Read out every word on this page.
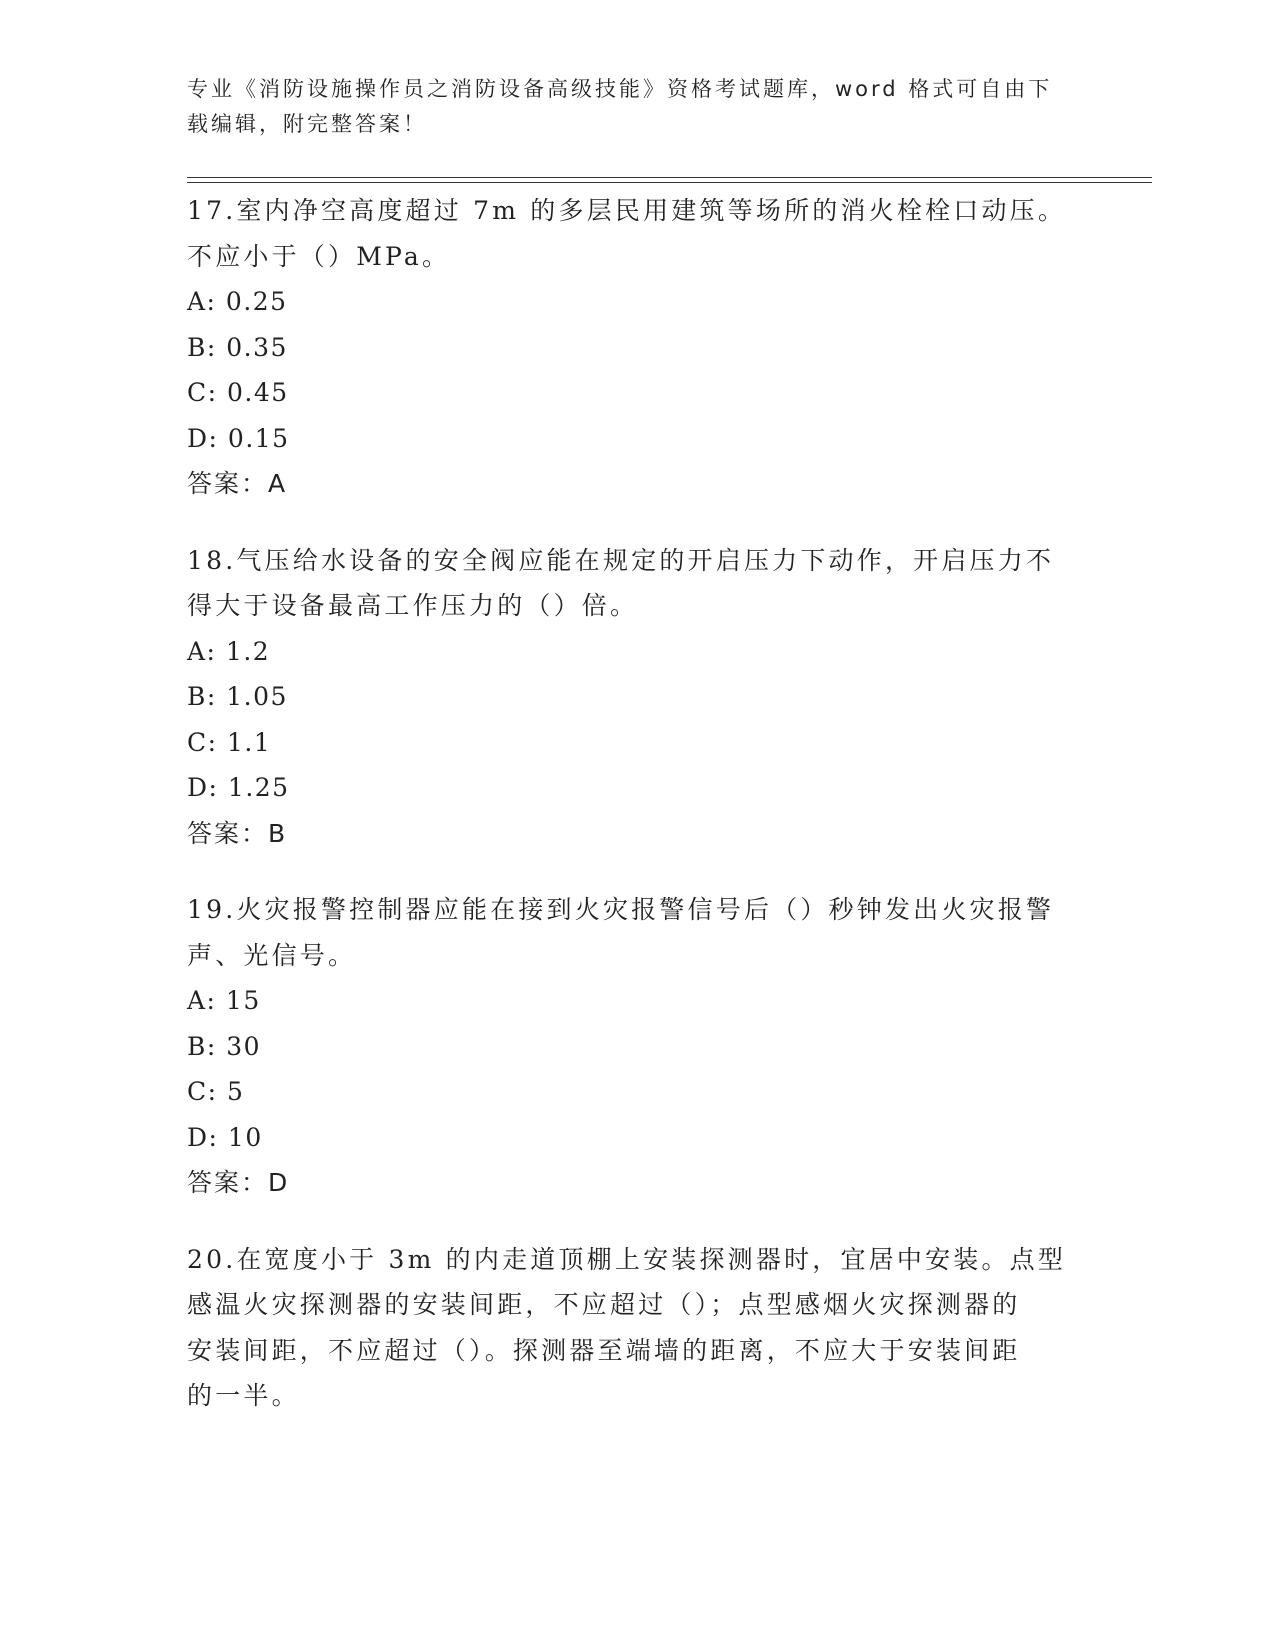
专业《消防设施操作员之消防设备高级技能》资格考试题库，word 格式可自由下
载编辑，附完整答案！
17.室内净空高度超过 7m 的多层民用建筑等场所的消火栓栓口动压。
不应小于（）MPa。
A: 0.25
B: 0.35
C: 0.45
D: 0.15
答案：A
18.气压给水设备的安全阀应能在规定的开启压力下动作，开启压力不
得大于设备最高工作压力的（）倍。
A: 1.2
B: 1.05
C: 1.1
D: 1.25
答案：B
19.火灾报警控制器应能在接到火灾报警信号后（）秒钟发出火灾报警
声、光信号。
A: 15
B: 30
C: 5
D: 10
答案：D
20.在宽度小于 3m 的内走道顶棚上安装探测器时，宜居中安装。点型
感温火灾探测器的安装间距，不应超过（）；点型感烟火灾探测器的
安装间距，不应超过（）。探测器至端墙的距离，不应大于安装间距
的一半。
